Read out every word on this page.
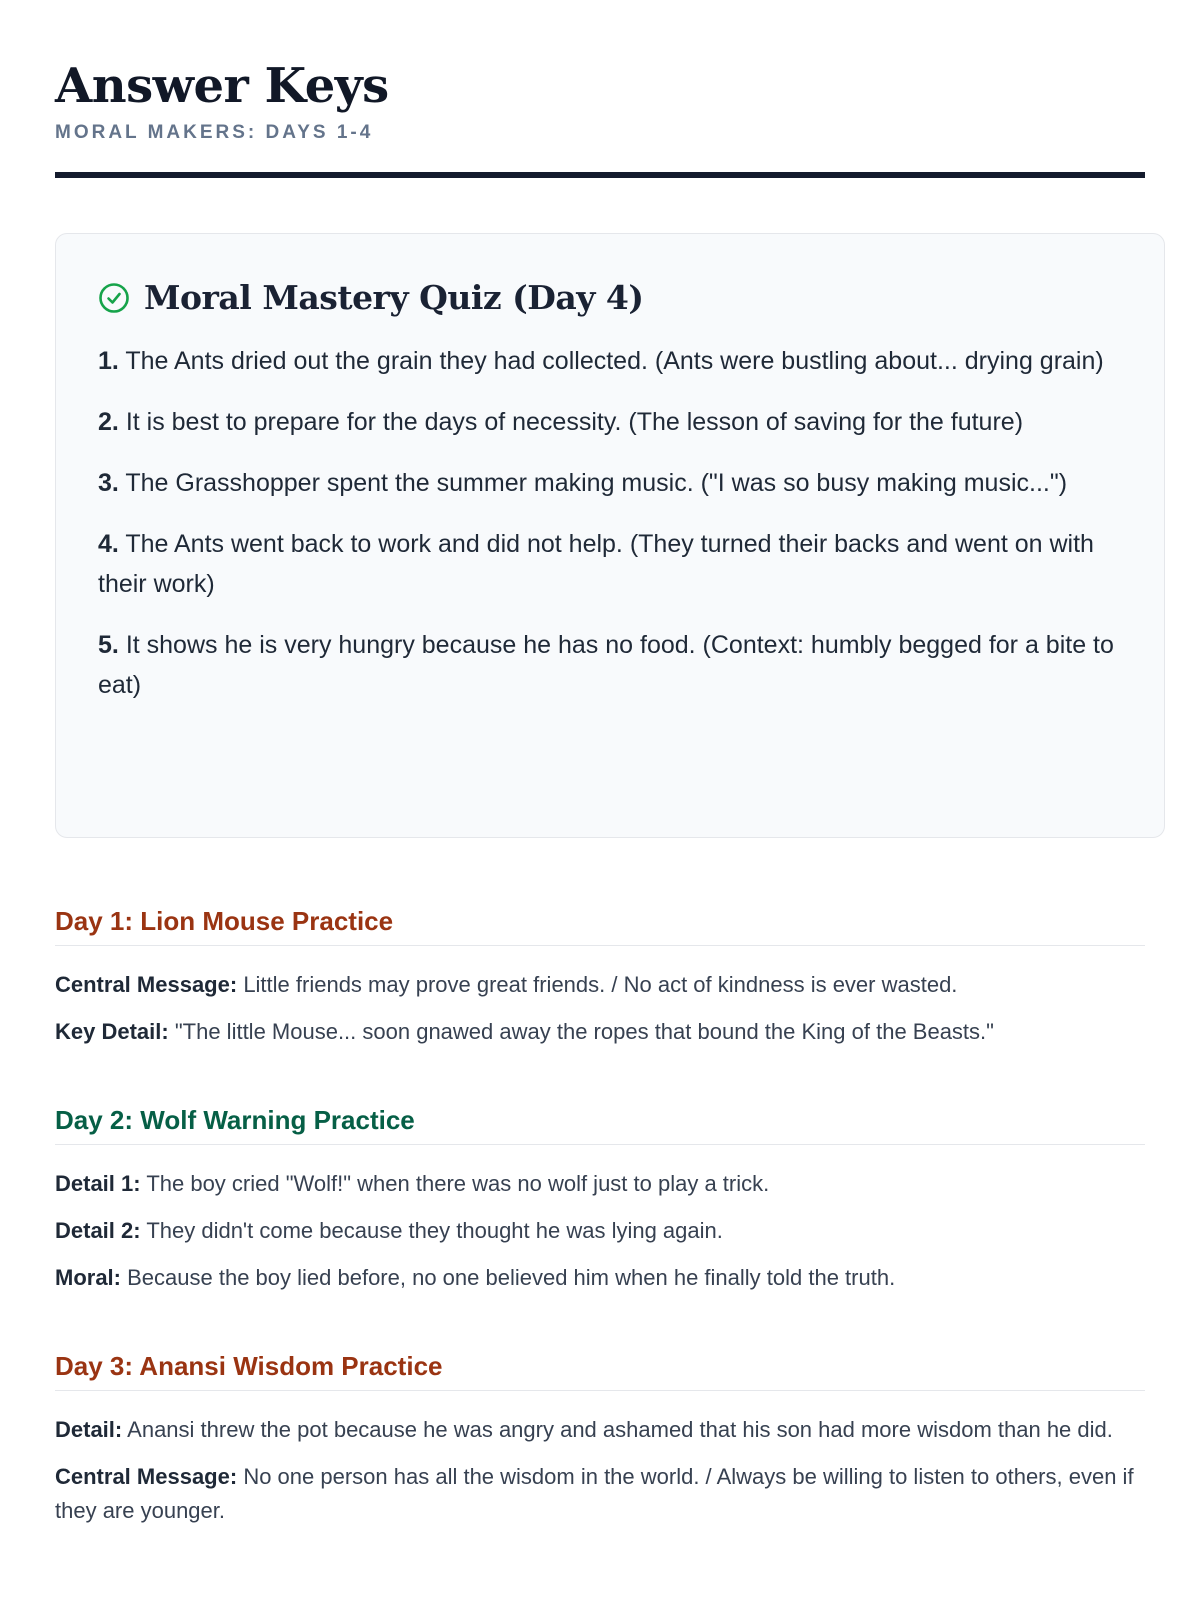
Answer Keys
MORAL MAKERS: DAYS 1-4
Moral Mastery Quiz (Day 4)
1. The Ants dried out the grain they had collected. (Ants were bustling about... drying grain)
2. It is best to prepare for the days of necessity. (The lesson of saving for the future)
3. The Grasshopper spent the summer making music. ("I was so busy making music...")
4. The Ants went back to work and did not help. (They turned their backs and went on with their work)
5. It shows he is very hungry because he has no food. (Context: humbly begged for a bite to eat)
Day 1: Lion Mouse Practice
Central Message: Little friends may prove great friends. / No act of kindness is ever wasted.
Key Detail: "The little Mouse... soon gnawed away the ropes that bound the King of the Beasts."
Day 2: Wolf Warning Practice
Detail 1: The boy cried "Wolf!" when there was no wolf just to play a trick.
Detail 2: They didn't come because they thought he was lying again.
Moral: Because the boy lied before, no one believed him when he finally told the truth.
Day 3: Anansi Wisdom Practice
Detail: Anansi threw the pot because he was angry and ashamed that his son had more wisdom than he did.
Central Message: No one person has all the wisdom in the world. / Always be willing to listen to others, even if they are younger.
